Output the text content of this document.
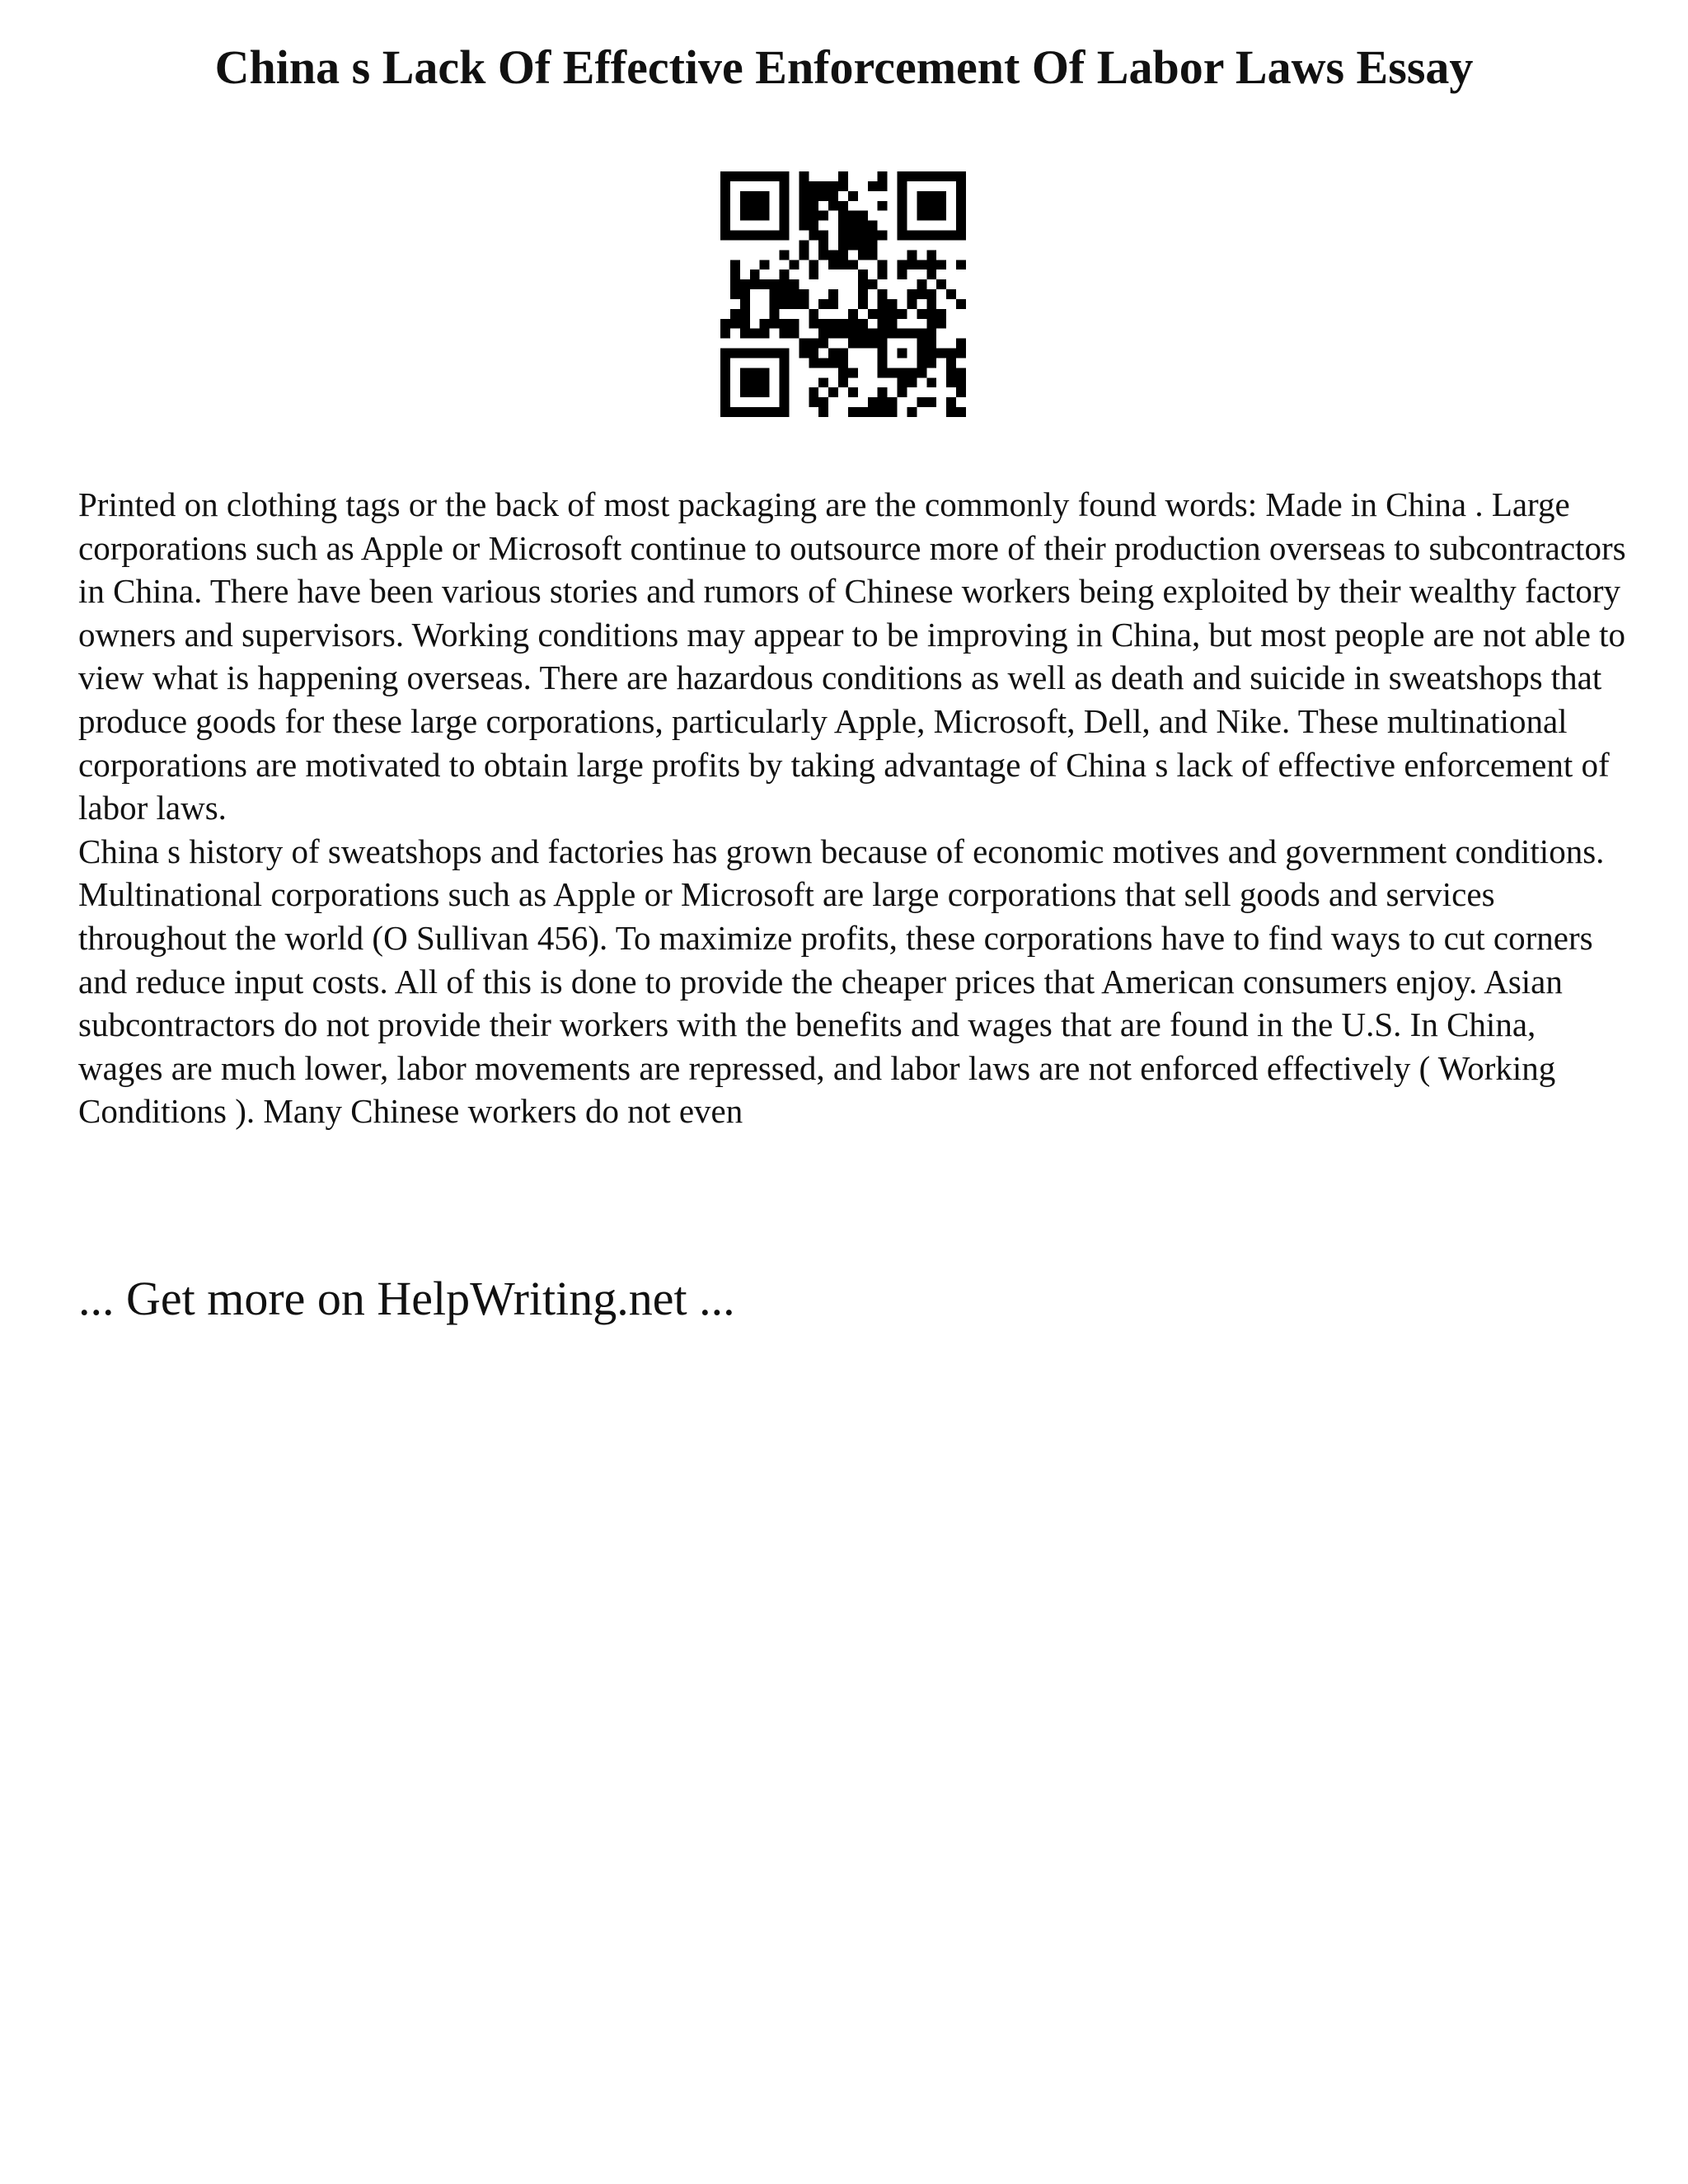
China s Lack Of Effective Enforcement Of Labor Laws Essay

Printed on clothing tags or the back of most packaging are the commonly found words: Made in China . Large corporations such as Apple or Microsoft continue to outsource more of their production overseas to subcontractors in China. There have been various stories and rumors of Chinese workers being exploited by their wealthy factory owners and supervisors. Working conditions may appear to be improving in China, but most people are not able to view what is happening overseas. There are hazardous conditions as well as death and suicide in sweatshops that produce goods for these large corporations, particularly Apple, Microsoft, Dell, and Nike. These multinational corporations are motivated to obtain large profits by taking advantage of China s lack of effective enforcement of labor laws.

China s history of sweatshops and factories has grown because of economic motives and government conditions. Multinational corporations such as Apple or Microsoft are large corporations that sell goods and services throughout the world (O Sullivan 456). To maximize profits, these corporations have to find ways to cut corners and reduce input costs. All of this is done to provide the cheaper prices that American consumers enjoy. Asian subcontractors do not provide their workers with the benefits and wages that are found in the U.S. In China, wages are much lower, labor movements are repressed, and labor laws are not enforced effectively ( Working Conditions ). Many Chinese workers do not even

... Get more on HelpWriting.net ...
